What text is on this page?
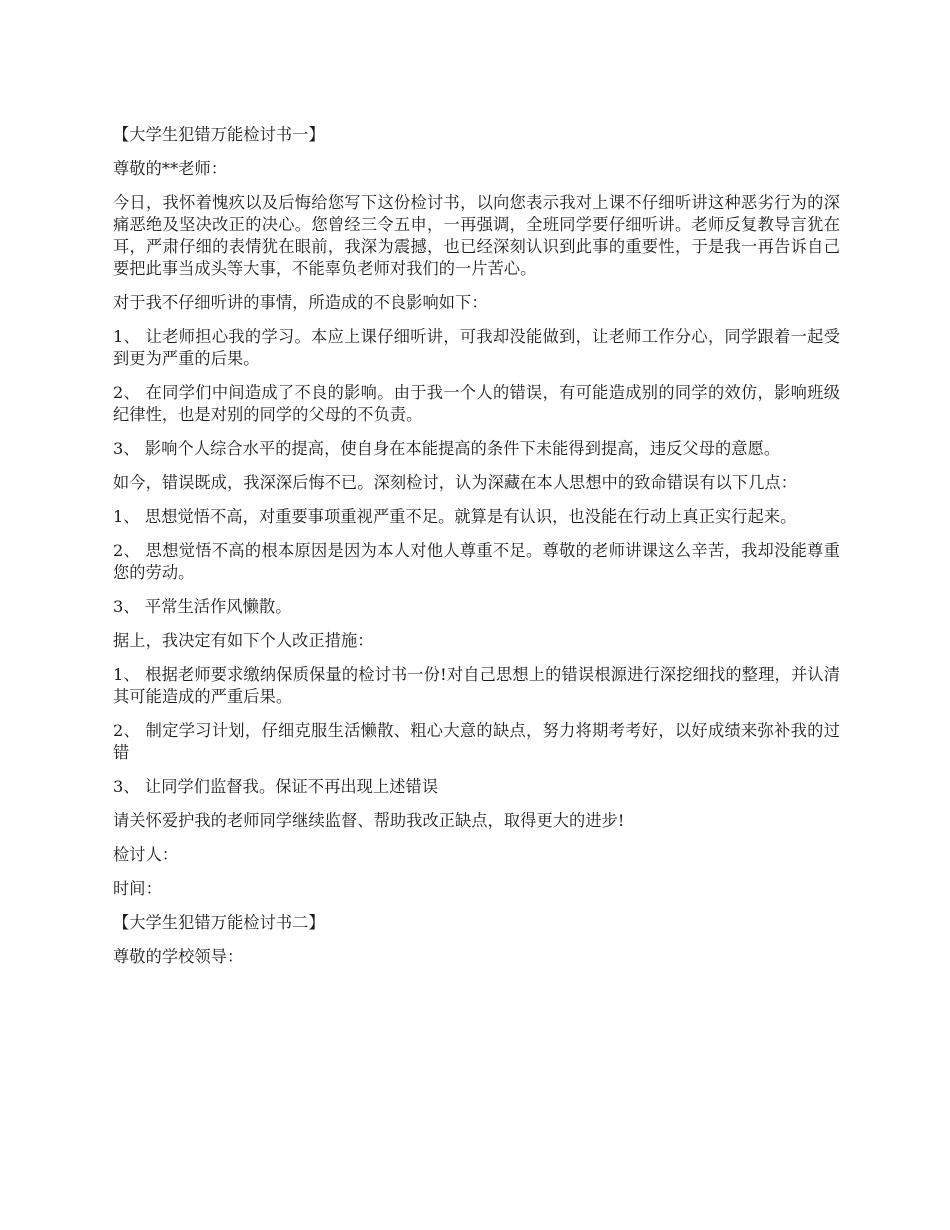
【大学生犯错万能检讨书一】

尊敬的**老师：

今日，我怀着愧疚以及后悔给您写下这份检讨书，以向您表示我对上课不仔细听讲这种恶劣行为的深痛恶绝及坚决改正的决心。您曾经三令五申，一再强调，全班同学要仔细听讲。老师反复教导言犹在耳，严肃仔细的表情犹在眼前，我深为震撼，也已经深刻认识到此事的重要性，于是我一再告诉自己要把此事当成头等大事，不能辜负老师对我们的一片苦心。

对于我不仔细听讲的事情，所造成的不良影响如下：

1、 让老师担心我的学习。本应上课仔细听讲，可我却没能做到，让老师工作分心，同学跟着一起受到更为严重的后果。

2、 在同学们中间造成了不良的影响。由于我一个人的错误，有可能造成别的同学的效仿，影响班级纪律性，也是对别的同学的父母的不负责。

3、 影响个人综合水平的提高，使自身在本能提高的条件下未能得到提高，违反父母的意愿。

如今，错误既成，我深深后悔不已。深刻检讨，认为深藏在本人思想中的致命错误有以下几点：

1、 思想觉悟不高，对重要事项重视严重不足。就算是有认识，也没能在行动上真正实行起来。

2、 思想觉悟不高的根本原因是因为本人对他人尊重不足。尊敬的老师讲课这么辛苦，我却没能尊重您的劳动。

3、 平常生活作风懒散。

据上，我决定有如下个人改正措施：

1、 根据老师要求缴纳保质保量的检讨书一份!对自己思想上的错误根源进行深挖细找的整理，并认清其可能造成的严重后果。

2、 制定学习计划，仔细克服生活懒散、粗心大意的缺点，努力将期考考好，以好成绩来弥补我的过错

3、 让同学们监督我。保证不再出现上述错误

请关怀爱护我的老师同学继续监督、帮助我改正缺点，取得更大的进步!

检讨人：

时间：

【大学生犯错万能检讨书二】

尊敬的学校领导：
